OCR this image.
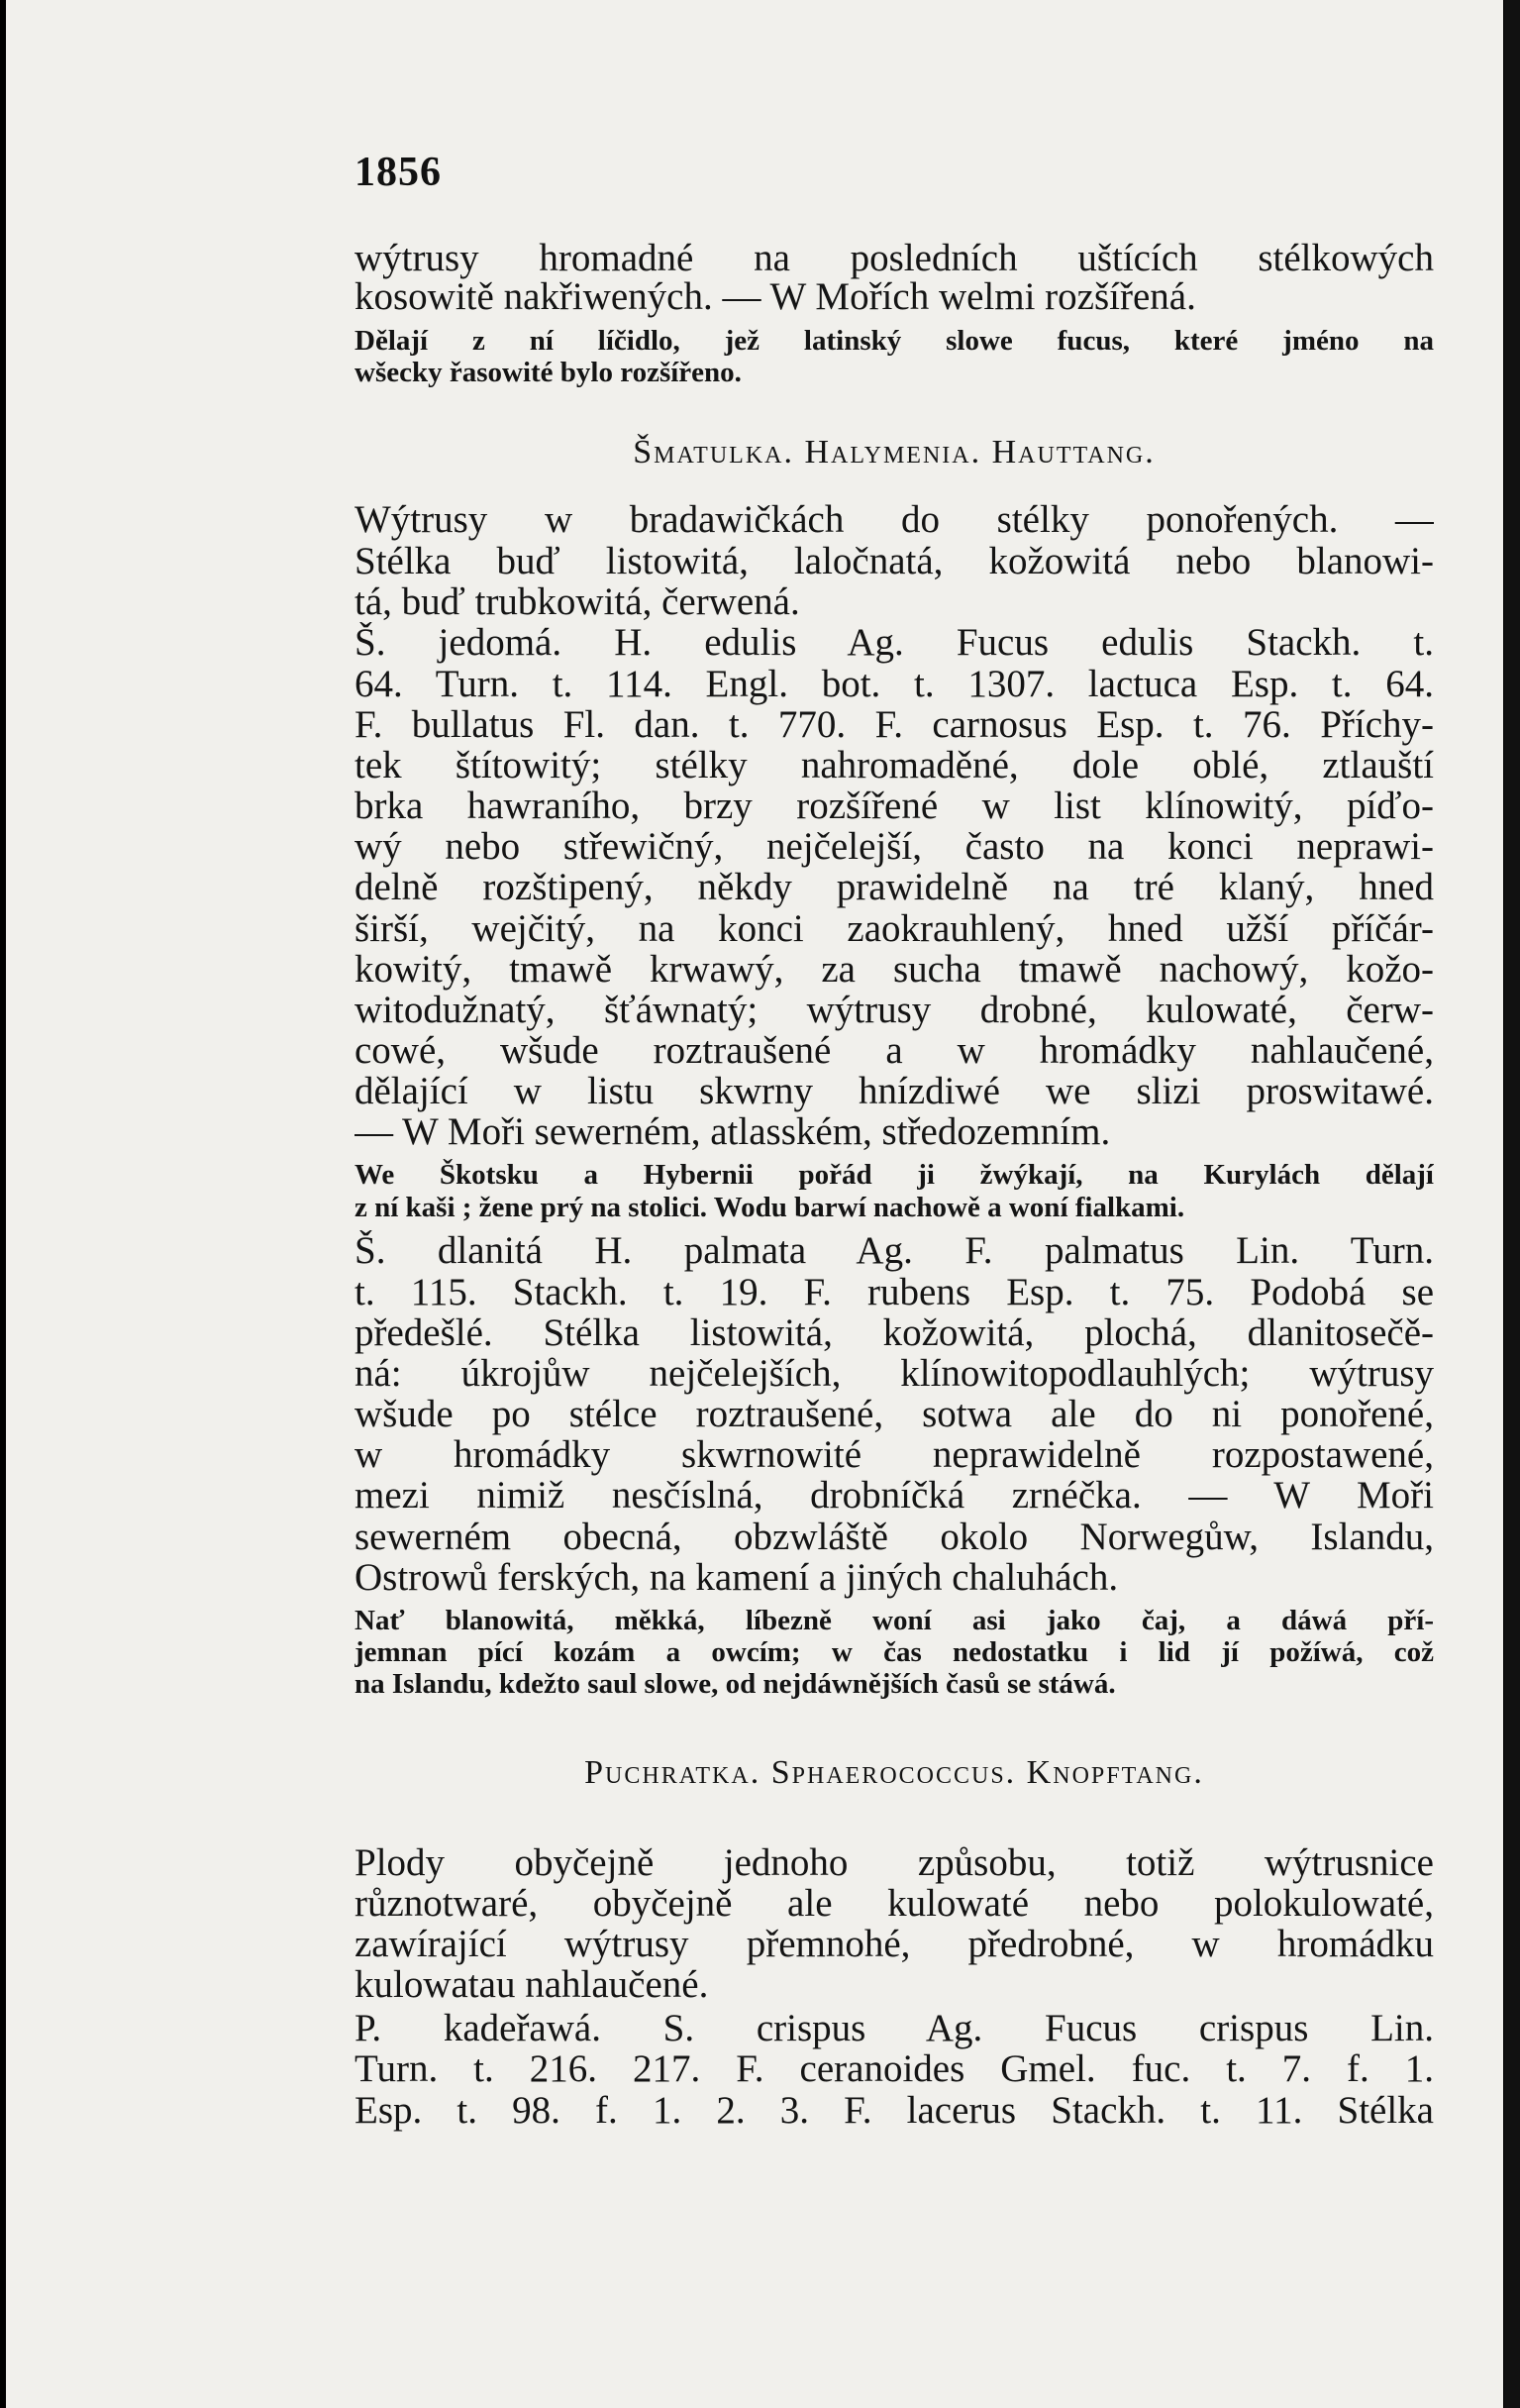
1856
wýtrusy hromadné na posledních uštících stélkowých
kosowitě nakřiwených. — W Mořích welmi rozšířená.
Dělají z ní líčidlo, jež latinský slowe fucus, které jméno na
wšecky řasowité bylo rozšířeno.
Šmatulka. Halymenia. Hauttang.
Wýtrusy w bradawičkách do stélky ponořených. —
Stélka buď listowitá, laločnatá, kožowitá nebo blanowi-
tá, buď trubkowitá, čerwená.
Š. jedomá. H. edulis Ag. Fucus edulis Stackh. t.
64. Turn. t. 114. Engl. bot. t. 1307. lactuca Esp. t. 64.
F. bullatus Fl. dan. t. 770. F. carnosus Esp. t. 76. Příchy-
tek štítowitý; stélky nahromaděné, dole oblé, ztlauští
brka hawraního, brzy rozšířené w list klínowitý, píďo-
wý nebo střewičný, nejčelejší, často na konci neprawi-
delně rozštipený, někdy prawidelně na tré klaný, hned
širší, wejčitý, na konci zaokrauhlený, hned užší příčár-
kowitý, tmawě krwawý, za sucha tmawě nachowý, kožo-
witodužnatý, šťáwnatý; wýtrusy drobné, kulowaté, čerw-
cowé, wšude roztraušené a w hromádky nahlaučené,
dělající w listu skwrny hnízdiwé we slizi proswitawé.
— W Moři sewerném, atlasském, středozemním.
We Škotsku a Hybernii pořád ji žwýkají, na Kurylách dělají
z ní kaši ; žene prý na stolici. Wodu barwí nachowě a woní fialkami.
Š. dlanitá H. palmata Ag. F. palmatus Lin. Turn.
t. 115. Stackh. t. 19. F. rubens Esp. t. 75. Podobá se
předešlé. Stélka listowitá, kožowitá, plochá, dlanitosečě-
ná: úkrojůw nejčelejších, klínowitopodlauhlých; wýtrusy
wšude po stélce roztraušené, sotwa ale do ni ponořené,
w hromádky skwrnowité neprawidelně rozpostawené,
mezi nimiž nesčíslná, drobníčká zrnéčka. — W Moři
sewerném obecná, obzwláště okolo Norwegůw, Islandu,
Ostrowů ferských, na kamení a jiných chaluhách.
Nať blanowitá, měkká, líbezně woní asi jako čaj, a dáwá pří-
jemnan pící kozám a owcím; w čas nedostatku i lid jí požíwá, což
na Islandu, kdežto saul slowe, od nejdáwnějších časů se stáwá.
Puchratka. Sphaerococcus. Knopftang.
Plody obyčejně jednoho způsobu, totiž wýtrusnice
různotwaré, obyčejně ale kulowaté nebo polokulowaté,
zawírající wýtrusy přemnohé, předrobné, w hromádku
kulowatau nahlaučené.
P. kadeřawá. S. crispus Ag. Fucus crispus Lin.
Turn. t. 216. 217. F. ceranoides Gmel. fuc. t. 7. f. 1.
Esp. t. 98. f. 1. 2. 3. F. lacerus Stackh. t. 11. Stélka
